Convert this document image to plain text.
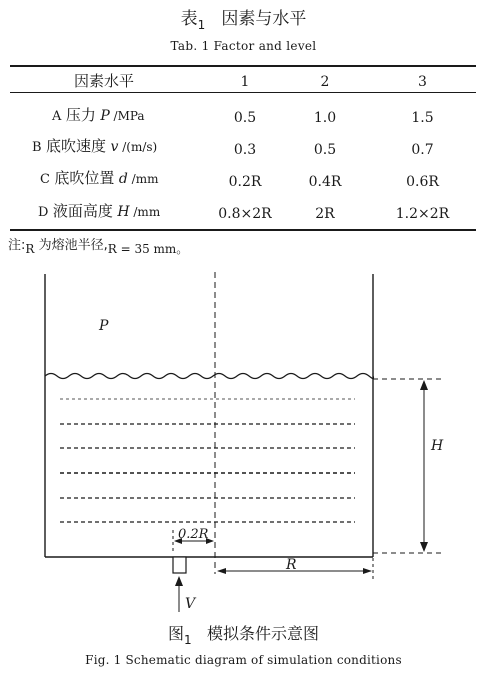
表$_1$ 因素与水平
Tab. 1 Factor and level
因素水平	1	2	3
A 压力 P /MPa	0.5	1.0	1.5
B 底吹速度 v /(m/s)	0.3	0.5	0.7
C 底吹位置 d /mm	0.2R	0.4R	0.6R
D 液面高度 H /mm	0.8×2R	2R	1.2×2R
注:R 为熔池半径,R = 35 mm。
P
H
0.2R
R
V
图$_1$ 模拟条件示意图
Fig. 1 Schematic diagram of simulation conditions
